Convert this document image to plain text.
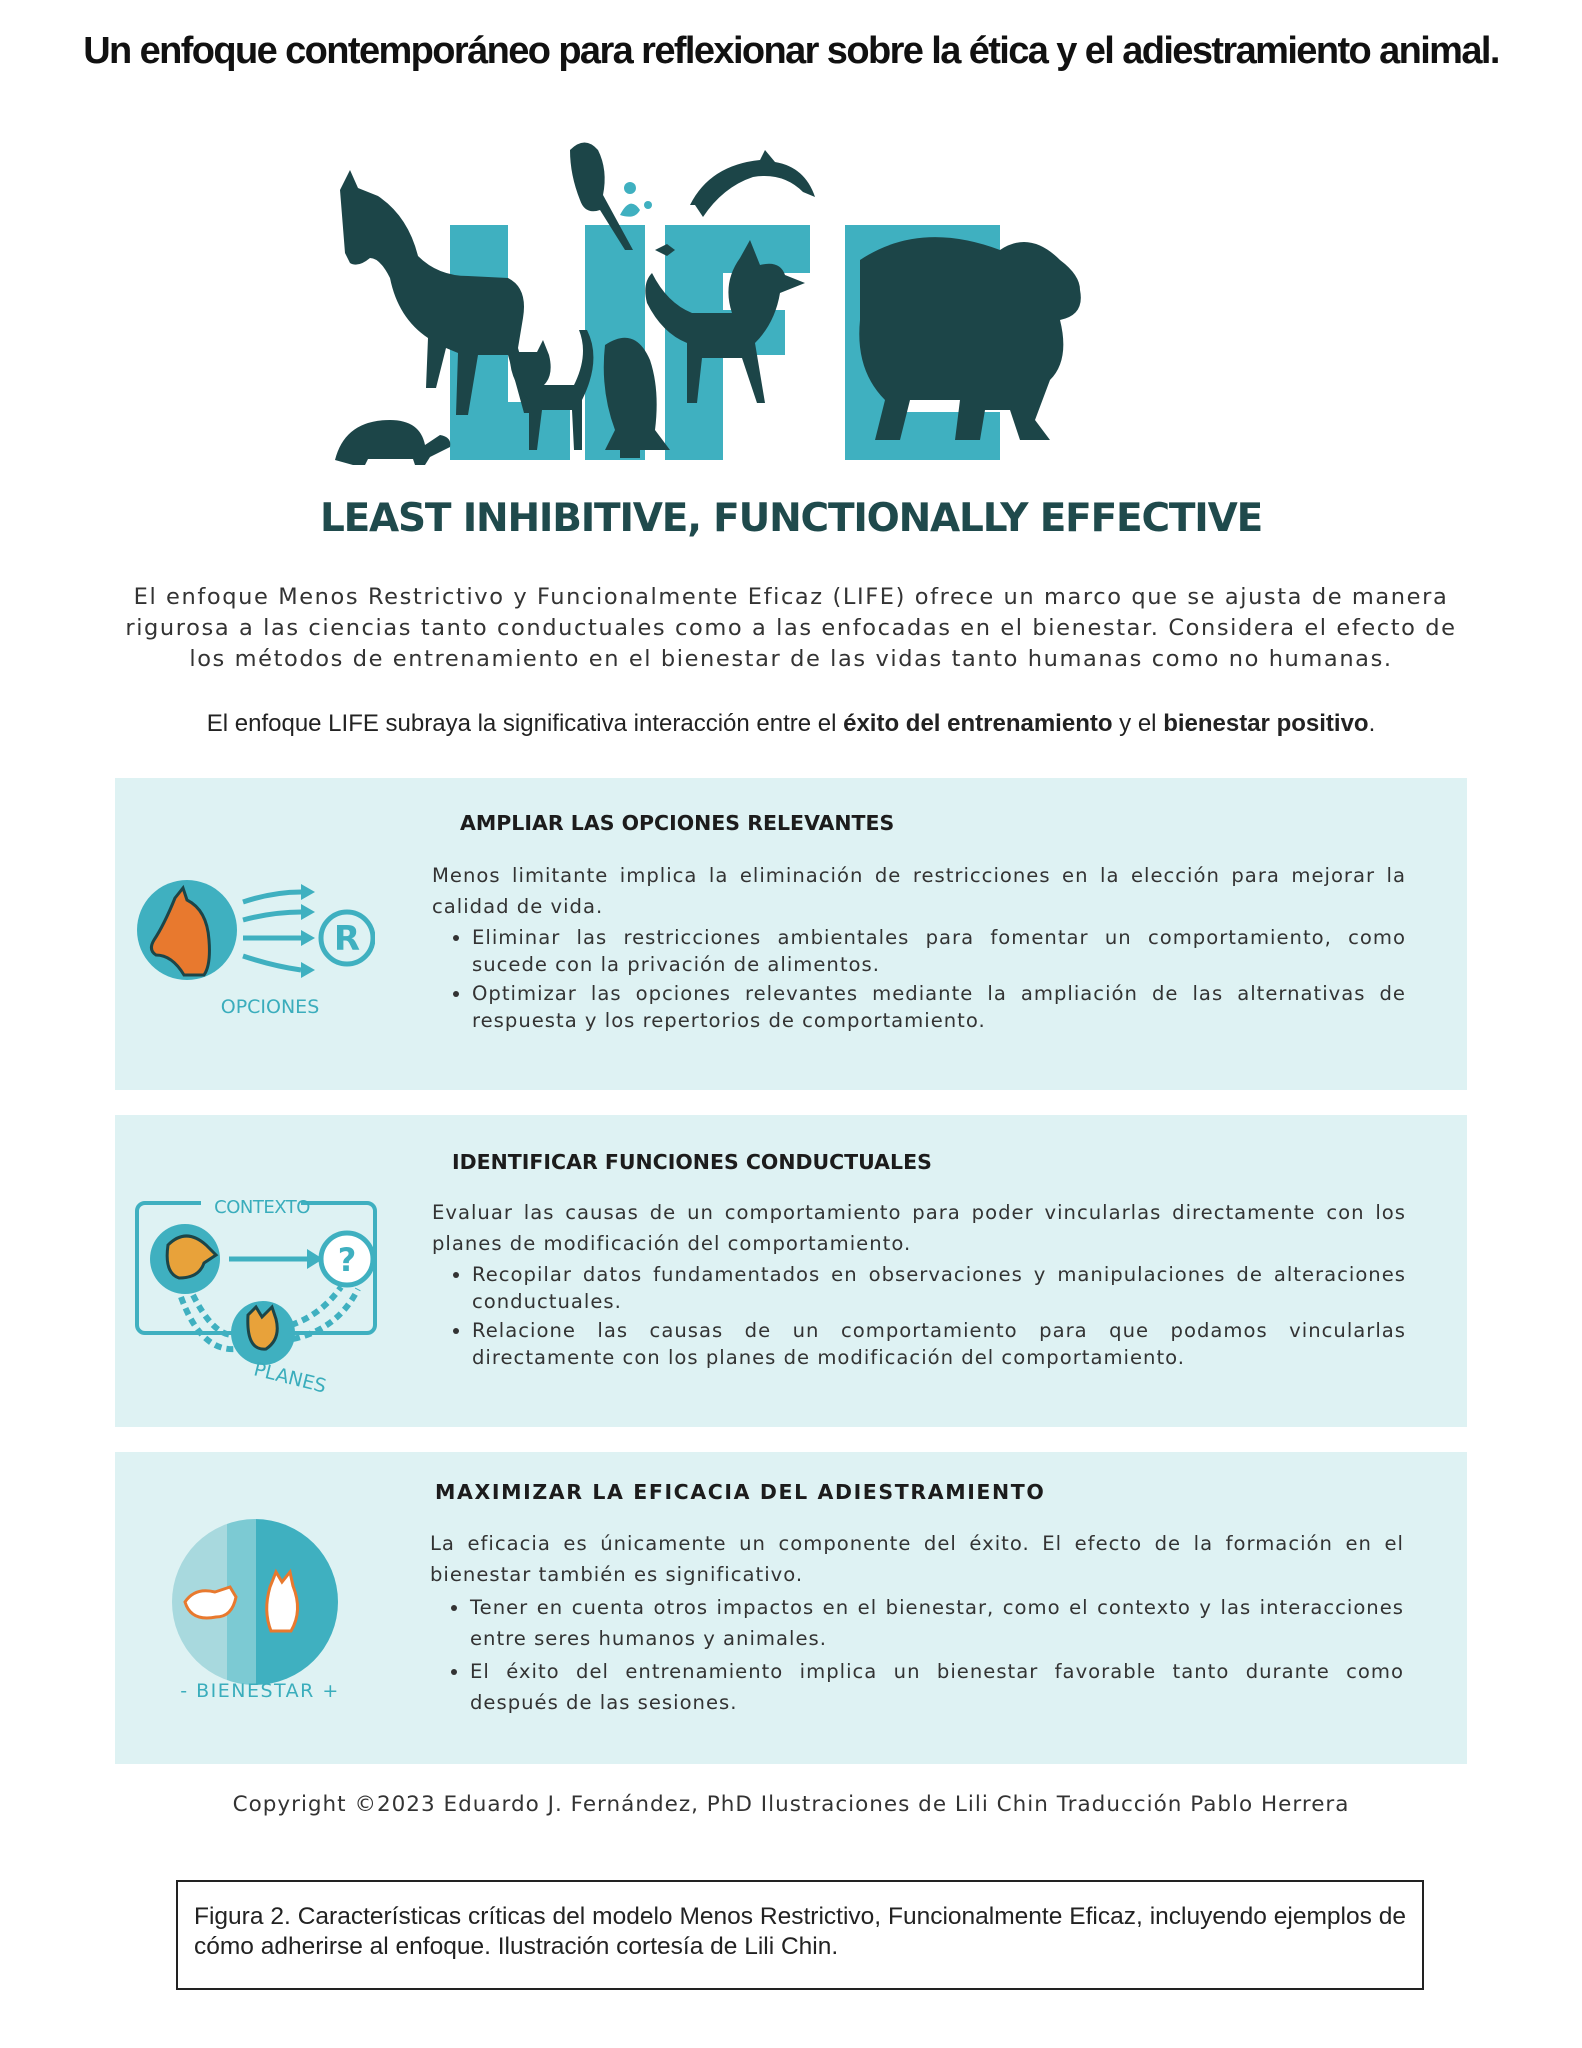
Un enfoque contemporáneo para reflexionar sobre la ética y el adiestramiento animal.
LEAST INHIBITIVE, FUNCTIONALLY EFFECTIVE
El enfoque Menos Restrictivo y Funcionalmente Eficaz (LIFE) ofrece un marco que se ajusta de manera rigurosa a las ciencias tanto conductuales como a las enfocadas en el bienestar. Considera el efecto de los métodos de entrenamiento en el bienestar de las vidas tanto humanas como no humanas.
El enfoque LIFE subraya la significativa interacción entre el éxito del entrenamiento y el bienestar positivo.
AMPLIAR LAS OPCIONES RELEVANTES
R
OPCIONES
Menos limitante implica la eliminación de restricciones en la elección para mejorar la calidad de vida.
• Eliminar las restricciones ambientales para fomentar un comportamiento, como sucede con la privación de alimentos.
• Optimizar las opciones relevantes mediante la ampliación de las alternativas de respuesta y los repertorios de comportamiento.
IDENTIFICAR FUNCIONES CONDUCTUALES
?
CONTEXTO
PLANES
Evaluar las causas de un comportamiento para poder vincularlas directamente con los planes de modificación del comportamiento.
• Recopilar datos fundamentados en observaciones y manipulaciones de alteraciones conductuales.
• Relacione las causas de un comportamiento para que podamos vincularlas directamente con los planes de modificación del comportamiento.
MAXIMIZAR LA EFICACIA DEL ADIESTRAMIENTO
- BIENESTAR +
La eficacia es únicamente un componente del éxito. El efecto de la formación en el bienestar también es significativo.
• Tener en cuenta otros impactos en el bienestar, como el contexto y las interacciones entre seres humanos y animales.
• El éxito del entrenamiento implica un bienestar favorable tanto durante como después de las sesiones.
Copyright ©2023 Eduardo J. Fernández, PhD Ilustraciones de Lili Chin Traducción Pablo Herrera
Figura 2. Características críticas del modelo Menos Restrictivo, Funcionalmente Eficaz, incluyendo ejemplos de cómo adherirse al enfoque. Ilustración cortesía de Lili Chin.
